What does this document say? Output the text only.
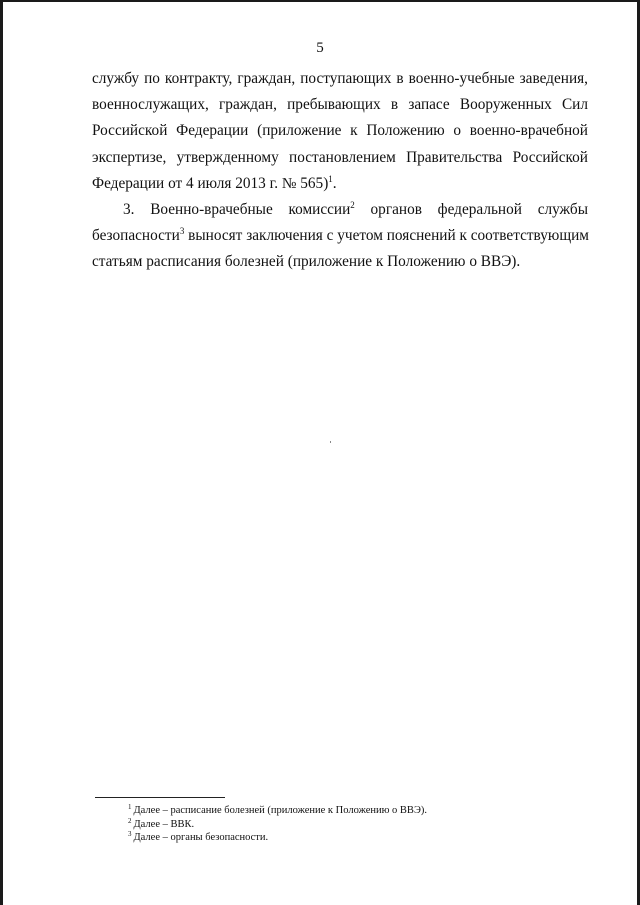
5
службу по контракту, граждан, поступающих в военно-учебные заведения,
военнослужащих, граждан, пребывающих в запасе Вооруженных Сил
Российской Федерации (приложение к Положению о военно-врачебной
экспертизе, утвержденному постановлением Правительства Российской
Федерации от 4 июля 2013 г. № 565)$^1$.
3. Военно-врачебные комиссии$^2$ органов федеральной службы
безопасности$^3$ выносят заключения с учетом пояснений к соответствующим
статьям расписания болезней (приложение к Положению о ВВЭ).
$^1$ Далее – расписание болезней (приложение к Положению о ВВЭ).
$^2$ Далее – ВВК.
$^3$ Далее – органы безопасности.
